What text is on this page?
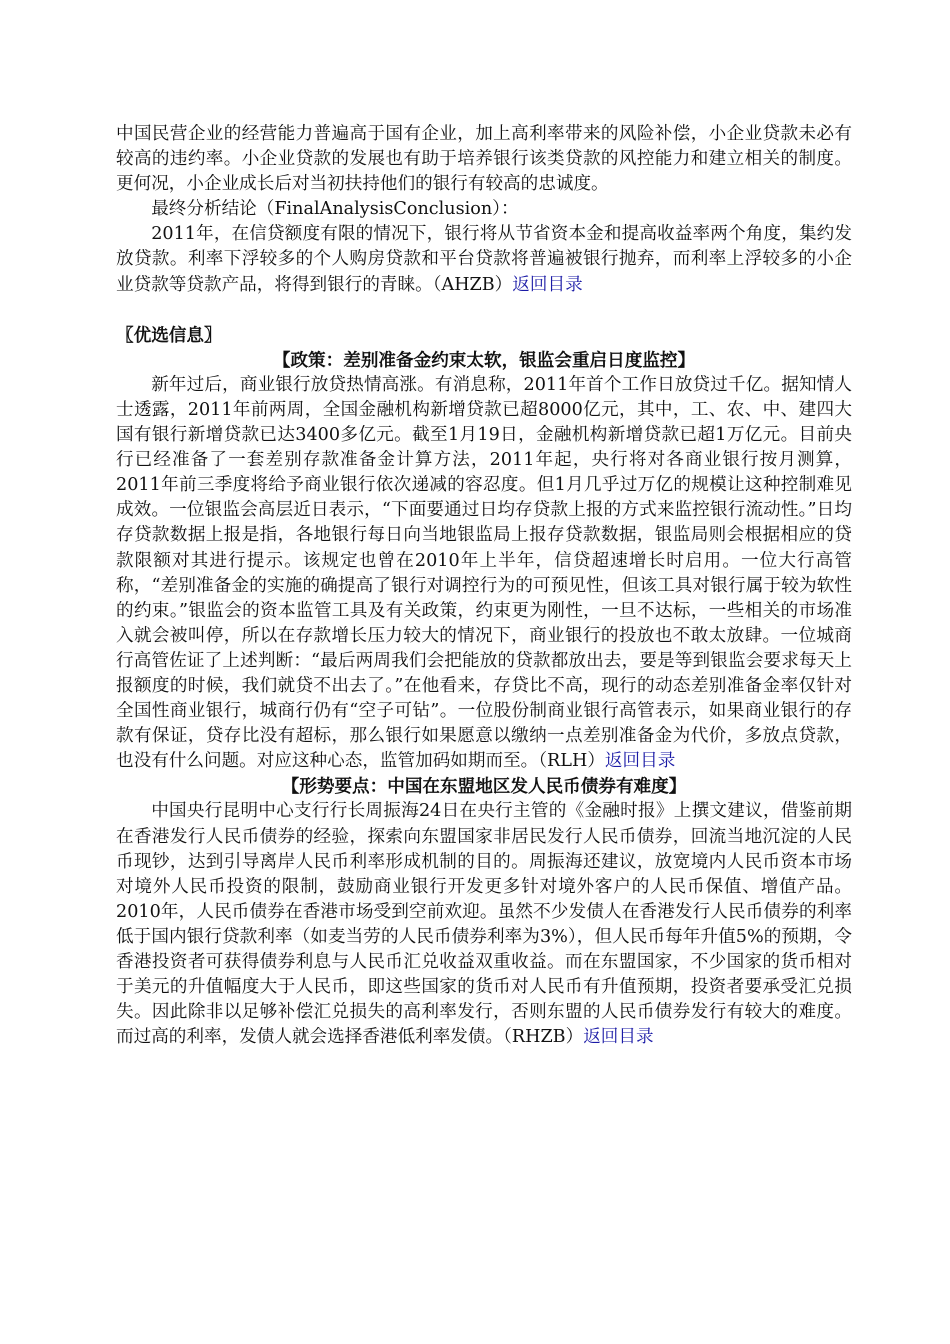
中国民营企业的经营能力普遍高于国有企业，加上高利率带来的风险补偿，小企业贷款未必有较高的违约率。小企业贷款的发展也有助于培养银行该类贷款的风控能力和建立相关的制度。更何况，小企业成长后对当初扶持他们的银行有较高的忠诚度。

最终分析结论（FinalAnalysisConclusion）：

2011年，在信贷额度有限的情况下，银行将从节省资本金和提高收益率两个角度，集约发放贷款。利率下浮较多的个人购房贷款和平台贷款将普遍被银行抛弃，而利率上浮较多的小企业贷款等贷款产品，将得到银行的青睐。（AHZB）返回目录

〖优选信息〗

【政策：差别准备金约束太软，银监会重启日度监控】

新年过后，商业银行放贷热情高涨。有消息称，2011年首个工作日放贷过千亿。据知情人士透露，2011年前两周，全国金融机构新增贷款已超8000亿元，其中，工、农、中、建四大国有银行新增贷款已达3400多亿元。截至1月19日，金融机构新增贷款已超1万亿元。目前央行已经准备了一套差别存款准备金计算方法，2011年起，央行将对各商业银行按月测算，2011年前三季度将给予商业银行依次递减的容忍度。但1月几乎过万亿的规模让这种控制难见成效。一位银监会高层近日表示，“下面要通过日均存贷款上报的方式来监控银行流动性。”日均存贷款数据上报是指，各地银行每日向当地银监局上报存贷款数据，银监局则会根据相应的贷款限额对其进行提示。该规定也曾在2010年上半年，信贷超速增长时启用。一位大行高管称，“差别准备金的实施的确提高了银行对调控行为的可预见性，但该工具对银行属于较为软性的约束。”银监会的资本监管工具及有关政策，约束更为刚性，一旦不达标，一些相关的市场准入就会被叫停，所以在存款增长压力较大的情况下，商业银行的投放也不敢太放肆。一位城商行高管佐证了上述判断：“最后两周我们会把能放的贷款都放出去，要是等到银监会要求每天上报额度的时候，我们就贷不出去了。”在他看来，存贷比不高，现行的动态差别准备金率仅针对全国性商业银行，城商行仍有“空子可钻”。一位股份制商业银行高管表示，如果商业银行的存款有保证，贷存比没有超标，那么银行如果愿意以缴纳一点差别准备金为代价，多放点贷款，也没有什么问题。对应这种心态，监管加码如期而至。（RLH）返回目录

【形势要点：中国在东盟地区发人民币债券有难度】

中国央行昆明中心支行行长周振海24日在央行主管的《金融时报》上撰文建议，借鉴前期在香港发行人民币债券的经验，探索向东盟国家非居民发行人民币债券，回流当地沉淀的人民币现钞，达到引导离岸人民币利率形成机制的目的。周振海还建议，放宽境内人民币资本市场对境外人民币投资的限制，鼓励商业银行开发更多针对境外客户的人民币保值、增值产品。2010年，人民币债券在香港市场受到空前欢迎。虽然不少发债人在香港发行人民币债券的利率低于国内银行贷款利率（如麦当劳的人民币债券利率为3%），但人民币每年升值5%的预期，令香港投资者可获得债券利息与人民币汇兑收益双重收益。而在东盟国家，不少国家的货币相对于美元的升值幅度大于人民币，即这些国家的货币对人民币有升值预期，投资者要承受汇兑损失。因此除非以足够补偿汇兑损失的高利率发行，否则东盟的人民币债券发行有较大的难度。而过高的利率，发债人就会选择香港低利率发债。（RHZB）返回目录
